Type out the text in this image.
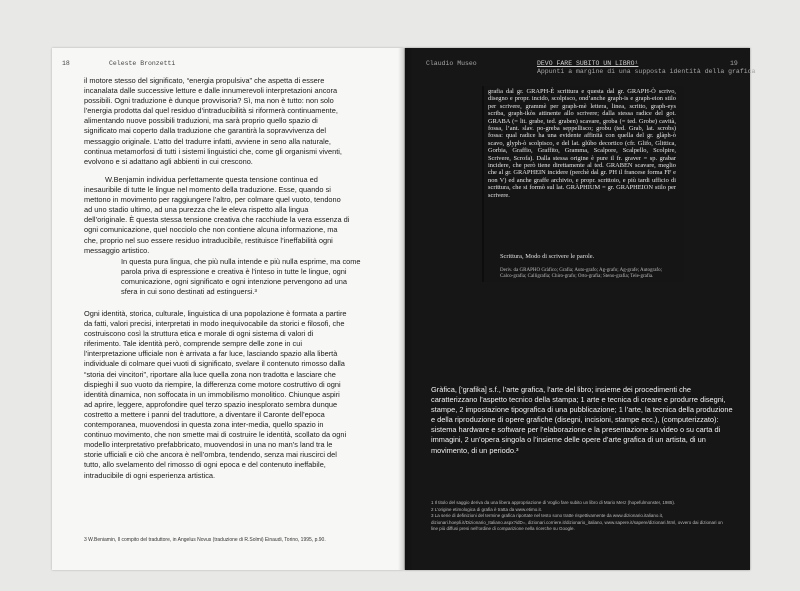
18	Celeste Bronzetti
il motore stesso del significato, “energia propulsiva” che aspetta di essere incanalata dalle successive letture e dalle innumerevoli interpretazioni ancora possibili. Ogni traduzione è dunque provvisoria? Sì, ma non è tutto: non solo l’energia prodotta dal quel residuo d’intraducibilità si riformerà continuamente, alimentando nuove possibili traduzioni, ma sarà proprio quello spazio di significato mai coperto dalla traduzione che garantirà la sopravvivenza del messaggio originale. L’atto del tradurre infatti, avviene in seno alla naturale, continua metamorfosi di tutti i sistemi linguistici che, come gli organismi viventi, evolvono e si adattano agli abbienti in cui crescono.
W.Benjamin individua perfettamente questa tensione continua ed inesauribile di tutte le lingue nel momento della traduzione. Esse, quando si mettono in movimento per raggiungere l’altro, per colmare quel vuoto, tendono ad uno stadio ultimo, ad una purezza che le eleva rispetto alla lingua dell’originale. È questa stessa tensione creativa che racchiude la vera essenza di ogni comunicazione, quel nocciolo che non contiene alcuna informazione, ma che, proprio nel suo essere residuo intraducibile, restituisce l’ineffabilità ogni messaggio artistico.
In questa pura lingua, che più nulla intende e più nulla esprime, ma come parola priva di espressione e creativa è l’inteso in tutte le lingue, ogni comunicazione, ogni significato e ogni intenzione pervengono ad una sfera in cui sono destinati ad estinguersi.³
Ogni identità, storica, culturale, linguistica di una popolazione è formata a partire da fatti, valori precisi, interpretati in modo inequivocabile da storici e filosofi, che costruiscono così la struttura etica e morale di ogni sistema di valori di riferimento. Tale identità però, comprende sempre delle zone in cui l’interpretazione ufficiale non è arrivata a far luce, lasciando spazio alla libertà individuale di colmare quei vuoti di significato, svelare il contenuto rimosso dalla “storia dei vincitori”, riportare alla luce quella zona non tradotta e lasciare che dispieghi il suo vuoto da riempire, la differenza come motore costruttivo di ogni identità dinamica, non soffocata in un immobilismo monolitico. Chiunque aspiri ad aprire, leggere, approfondire quel terzo spazio inesplorato sembra dunque costretto a mettere i panni del traduttore, a diventare il Caronte dell’epoca contemporanea, muovendosi in questa zona inter-media, quello spazio in continuo movimento, che non smette mai di costruire le identità, scollato da ogni modello interpretativo prefabbricato, muovendosi in una no man’s land tra le storie ufficiali e ciò che ancora è nell’ombra, tendendo, senza mai riuscirci del tutto, allo svelamento del rimosso di ogni epoca e del contenuto ineffabile, intraducibile di ogni esperienza artistica.
3 W.Beniamin, Il compito del traduttore, in Angelus Novus (traduzione di R.Solmi) Einaudi, Torino, 1995, p.90.
Claudio Museo	DEVO FARE SUBITO UN LIBRO¹
Appunti a margine di una supposta identità della grafica
19
grafia dal gr. GRAPH-È scrittura e questa dal gr. GRAPH-Ò scrivo, disegno e propr. incido, scolpisco, ond’anche graph-is e graph-eion stilo per scrivere, grammè per graph-mè lettera, linea, scritto, graph-eys scriba, graph-ikòs attinente allo scrivere; dalla stessa radice del got. GRABA (= lit. grabe, ted. graben) scavare, groba (= ted. Grobe) cavità, fossa, l’ant. slav. po-greba seppellisco; grobu (ted. Grab, lat. scrobs) fossa: qual radice ha una evidente affinità con quella del gr. glàph-ò scavo, glyph-ò scolpisco, e del lat. glúbo decortico (cfr. Glifo, Glittica, Gorbia, Graffio, Graffito, Gramma, Scalpore, Scalpello, Scolpire, Scrivere, Scrofa). Dalla stessa origine è pure il fr. graver = sp. grabar incidere, che però tiene direttamente al ted. GRABEN scavare, meglio che al gr. GRAPHEIN incidere (perchè dal gr. PH il francese forma FF e non V) ed anche graffe archivio, e propr. scrittoio, e più tardi ufficio di scrittura, che si formò sul lat. GRÀPHIUM = gr. GRAPHEION stilo per scrivere.
Scrittura, Modo di scrivere le parole.
Deriv. da GRAPHO Gràfico; Grafia; Auto-grafo; Ag-grafo; Ag-grafe; Autografo; Calco-grafia; Calligrafia; Chiro-grafo; Orto-grafia; Steno-grafia; Tele-grafia.
Gràfica, [’grafika] s.f., l’arte grafica, l’arte del libro; insieme dei procedimenti che caratterizzano l’aspetto tecnico della stampa; 1 arte e tecnica di creare e produrre disegni, stampe, 2 impostazione tipografica di una pubblicazione; 1 l’arte, la tecnica della produzione e della riproduzione di opere grafiche (disegni, incisioni, stampe ecc.), (computerizzato): sistema hardware e software per l’elaborazione e la presentazione su video o su carta di immagini, 2 un’opera singola o l’insieme delle opere d’arte grafica di un artista, di un movimento, di un periodo.³
1 Il titolo del saggio deriva da una libera appropriazione di Voglio fare subito un libro di Mario Merz (hopefulmonster, 1985).
2 L’origine etimologica di grafia è tratta da www.etimo.it.
3 La serie di definizioni del termine grafica riportate nel testo sono tratte rispettivamente da www.dizionario.italiano.it, dizionari.hoepli.it/Dizionario_Italiano.aspx?idD=, dizionari.corriere.it/dizionario_italiano, www.sapere.it/sapere/dizionari.html, ovvero dai dizionari on line più diffusi presi nell’ordine di comparizione nella ricerche su Google.
